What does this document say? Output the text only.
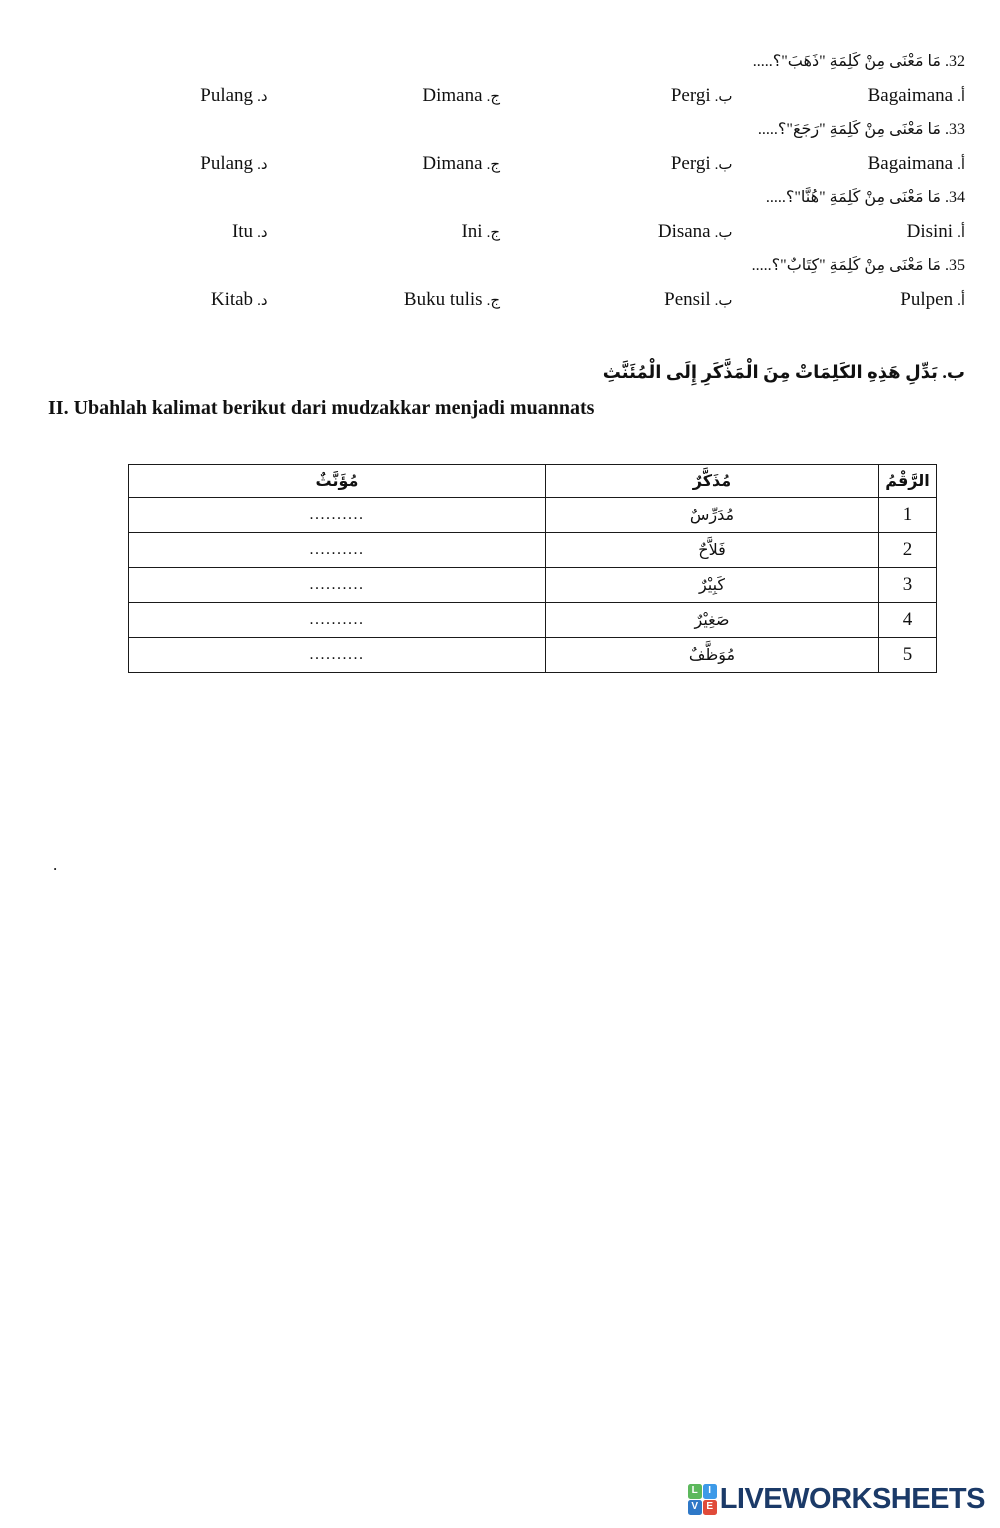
32. مَا مَعْنَى مِنْ كَلِمَةِ "ذَهَبَ"؟.....
أ. Bagaimana
ب. Pergi
ج. Dimana
د. Pulang
33. مَا مَعْنَى مِنْ كَلِمَةِ "رَجَعَ"؟.....
أ. Bagaimana
ب. Pergi
ج. Dimana
د. Pulang
34. مَا مَعْنَى مِنْ كَلِمَةِ "هُنَّا"؟.....
أ. Disini
ب. Disana
ج. Ini
د. Itu
35. مَا مَعْنَى مِنْ كَلِمَةِ "كِتَابٌ"؟.....
أ. Pulpen
ب. Pensil
ج. Buku tulis
د. Kitab
ب. بَدِّلِ هَذِهِ الكَلِمَاتْ مِنَ الْمَذَّكَرِ إِلَى الْمُئَنَّثِ
II. Ubahlah kalimat berikut dari mudzakkar menjadi muannats
الرَّقْمُ	مُذَكَّرٌ	مُؤَنَّثٌ
1	مُدَرِّسٌ	..........
2	فَلاَّحٌ	..........
3	كَبِيْرٌ	..........
4	صَغِيْرٌ	..........
5	مُوَظَّفٌ	..........
.
L	I
V E LIVEWORKSHEETS
